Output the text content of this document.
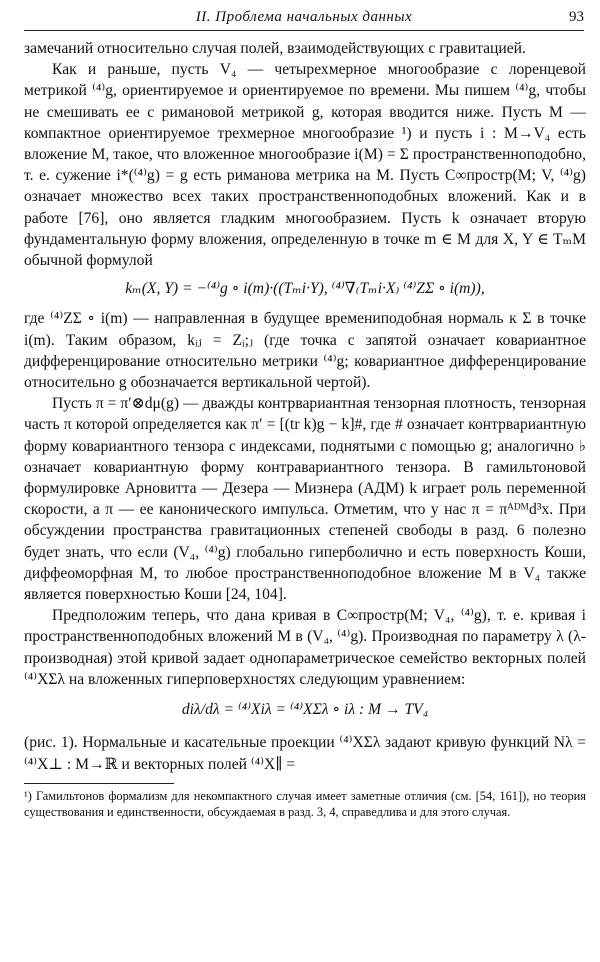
II. Проблема начальных данных	93

замечаний относительно случая полей, взаимодействующих с гравитацией.

Как и раньше, пусть V₄ — четырехмерное многообразие с лоренцевой метрикой ⁽⁴⁾g, ориентируемое и ориентируемое по времени. Мы пишем ⁽⁴⁾g, чтобы не смешивать ее с римановой метрикой g, которая вводится ниже. Пусть M — компактное ориентируемое трехмерное многообразие ¹) и пусть i : M→V₄ есть вложение M, такое, что вложенное многообразие i(M) = Σ пространственноподобно, т. е. сужение i*(⁽⁴⁾g) = g есть риманова метрика на M. Пусть C∞простр(M; V, ⁽⁴⁾g) означает множество всех таких пространственноподобных вложений. Как и в работе [76], оно является гладким многообразием. Пусть k означает вторую фундаментальную форму вложения, определенную в точке m ∈ M для X, Y ∈ TₘM обычной формулой

kₘ(X, Y) = −⁽⁴⁾g ∘ i(m)·((Tₘi·Y), ⁽⁴⁾∇₍Tₘi·X₎ ⁽⁴⁾ZΣ ∘ i(m)),

где ⁽⁴⁾ZΣ ∘ i(m) — направленная в будущее времениподобная нормаль к Σ в точке i(m). Таким образом, kᵢⱼ = Zᵢ;ⱼ (где точка с запятой означает ковариантное дифференцирование относительно метрики ⁽⁴⁾g; ковариантное дифференцирование относительно g обозначается вертикальной чертой).

Пусть π = π′⊗dμ(g) — дважды контрвариантная тензорная плотность, тензорная часть π которой определяется как π′ = [(tr k)g − k]#, где # означает контрвариантную форму ковариантного тензора с индексами, поднятыми с помощью g; аналогично ♭ означает ковариантную форму контравариантного тензора. В гамильтоновой формулировке Арновитта — Дезера — Мизнера (АДМ) k играет роль переменной скорости, а π — ее канонического импульса. Отметим, что у нас π = πᴬᴰᴹd³x. При обсуждении пространства гравитационных степеней свободы в разд. 6 полезно будет знать, что если (V₄, ⁽⁴⁾g) глобально гиперболично и есть поверхность Коши, диффеоморфная M, то любое пространственноподобное вложение M в V₄ также является поверхностью Коши [24, 104].

Предположим теперь, что дана кривая в C∞простр(M; V₄, ⁽⁴⁾g), т. е. кривая i пространственноподобных вложений M в (V₄, ⁽⁴⁾g). Производная по параметру λ (λ-производная) этой кривой задает однопараметрическое семейство векторных полей ⁽⁴⁾XΣλ на вложенных гиперповерхностях следующим уравнением:

diλ/dλ = ⁽⁴⁾Xiλ = ⁽⁴⁾XΣλ ∘ iλ : M → TV₄

(рис. 1). Нормальные и касательные проекции ⁽⁴⁾XΣλ задают кривую функций Nλ = ⁽⁴⁾X⊥ : M→ℝ и векторных полей ⁽⁴⁾X∥ =

¹) Гамильтонов формализм для некомпактного случая имеет заметные отличия (см. [54, 161]), но теория существования и единственности, обсуждаемая в разд. 3, 4, справедлива и для этого случая.
